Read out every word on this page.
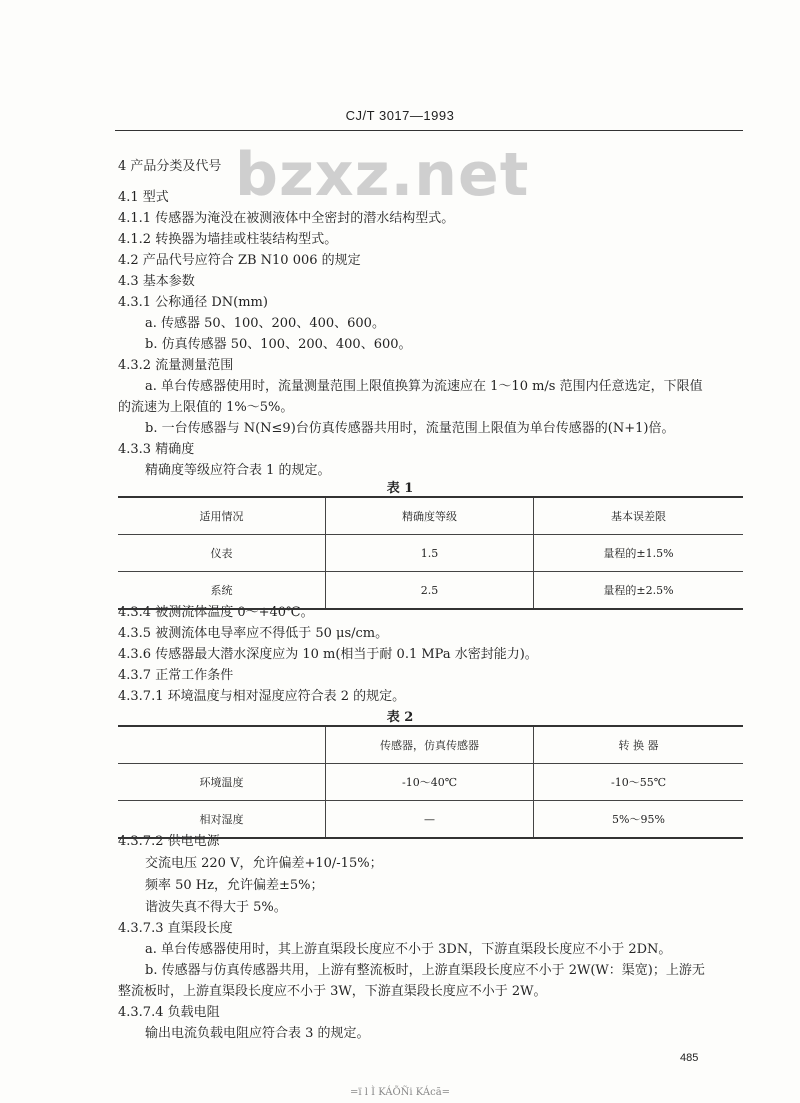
CJ/T 3017—1993
bzxz.net
4 产品分类及代号
4.1 型式
4.1.1 传感器为淹没在被测液体中全密封的潜水结构型式。
4.1.2 转换器为墙挂或柱装结构型式。
4.2 产品代号应符合 ZB N10 006 的规定
4.3 基本参数
4.3.1 公称通径 DN(mm)
a. 传感器 50、100、200、400、600。
b. 仿真传感器 50、100、200、400、600。
4.3.2 流量测量范围
a. 单台传感器使用时，流量测量范围上限值换算为流速应在 1～10 m/s 范围内任意选定，下限值
的流速为上限值的 1%～5%。
b. 一台传感器与 N(N≤9)台仿真传感器共用时，流量范围上限值为单台传感器的(N+1)倍。
4.3.3 精确度
精确度等级应符合表 1 的规定。
4.3.4 被测流体温度 0～+40℃。
4.3.5 被测流体电导率应不得低于 50 μs/cm。
4.3.6 传感器最大潜水深度应为 10 m(相当于耐 0.1 MPa 水密封能力)。
4.3.7 正常工作条件
4.3.7.1 环境温度与相对湿度应符合表 2 的规定。
4.3.7.2 供电电源
交流电压 220 V，允许偏差+10/-15%；
频率 50 Hz，允许偏差±5%；
谐波失真不得大于 5%。
4.3.7.3 直渠段长度
a. 单台传感器使用时，其上游直渠段长度应不小于 3DN，下游直渠段长度应不小于 2DN。
b. 传感器与仿真传感器共用，上游有整流板时，上游直渠段长度应不小于 2W(W：渠宽)；上游无
整流板时，上游直渠段长度应不小于 3W，下游直渠段长度应不小于 2W。
4.3.7.4 负载电阻
输出电流负载电阻应符合表 3 的规定。
表 1
适用情况	精确度等级	基本误差限
仪表	1.5	量程的±1.5%
系统	2.5	量程的±2.5%
表 2
	传感器，仿真传感器	转 换 器
环境温度	-10～40℃	-10～55℃
相对湿度	—	5%～95%
485
=ï l Ì KÁÕÑi KÁcã=
